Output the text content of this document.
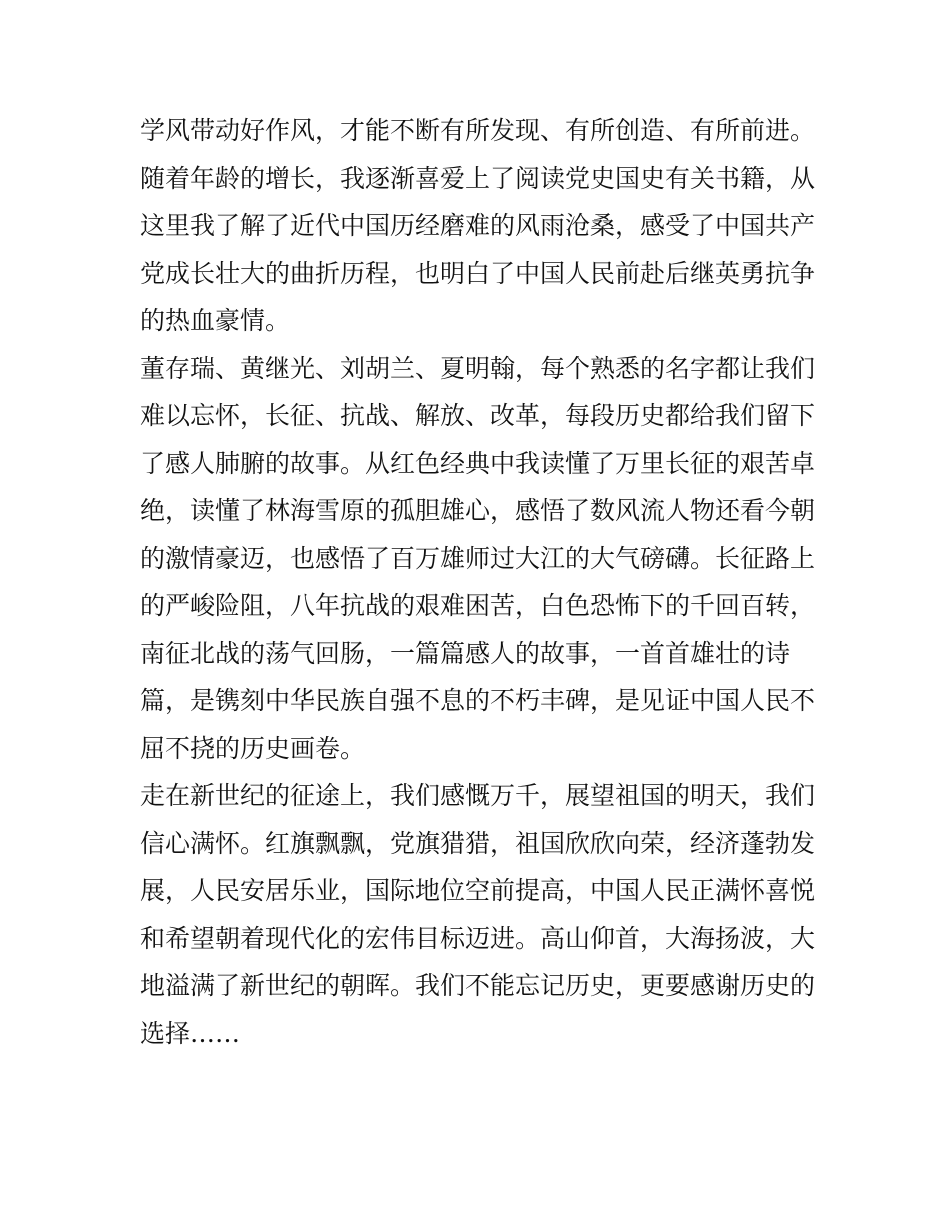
学风带动好作风，才能不断有所发现、有所创造、有所前进。
随着年龄的增长，我逐渐喜爱上了阅读党史国史有关书籍，从
这里我了解了近代中国历经磨难的风雨沧桑，感受了中国共产
党成长壮大的曲折历程，也明白了中国人民前赴后继英勇抗争
的热血豪情。
董存瑞、黄继光、刘胡兰、夏明翰，每个熟悉的名字都让我们
难以忘怀，长征、抗战、解放、改革，每段历史都给我们留下
了感人肺腑的故事。从红色经典中我读懂了万里长征的艰苦卓
绝，读懂了林海雪原的孤胆雄心，感悟了数风流人物还看今朝
的激情豪迈，也感悟了百万雄师过大江的大气磅礴。长征路上
的严峻险阻，八年抗战的艰难困苦，白色恐怖下的千回百转，
南征北战的荡气回肠，一篇篇感人的故事，一首首雄壮的诗
篇，是镌刻中华民族自强不息的不朽丰碑，是见证中国人民不
屈不挠的历史画卷。
走在新世纪的征途上，我们感慨万千，展望祖国的明天，我们
信心满怀。红旗飘飘，党旗猎猎，祖国欣欣向荣，经济蓬勃发
展，人民安居乐业，国际地位空前提高，中国人民正满怀喜悦
和希望朝着现代化的宏伟目标迈进。高山仰首，大海扬波，大
地溢满了新世纪的朝晖。我们不能忘记历史，更要感谢历史的
选择……
